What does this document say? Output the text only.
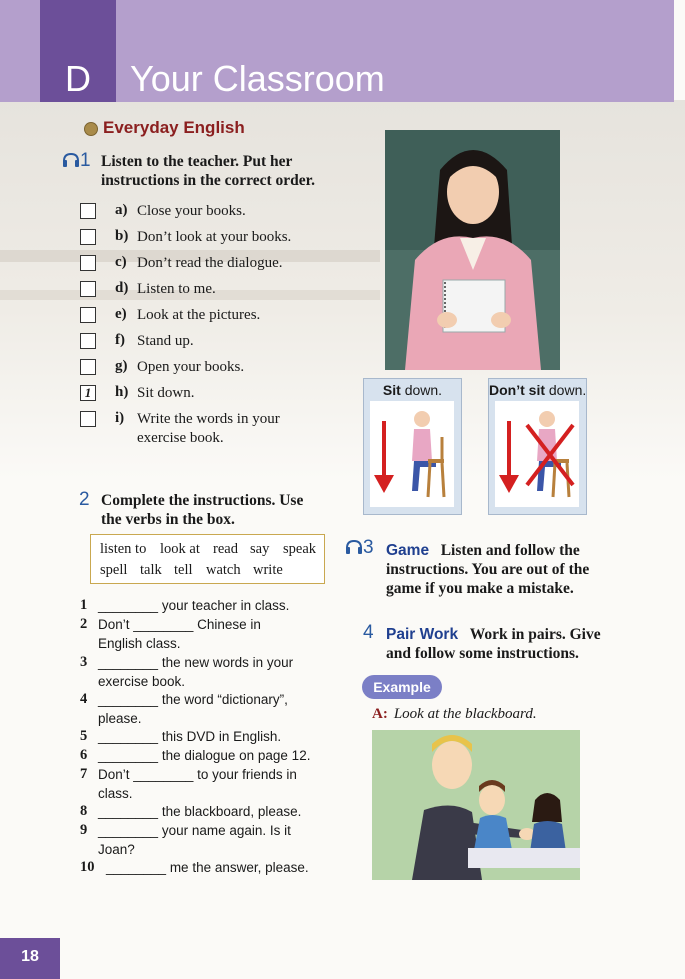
D	Your Classroom
Everyday English
1 Listen to the teacher. Put her
instructions in the correct order.
a) Close your books.
b) Don’t look at your books.
c) Don’t read the dialogue.
d) Listen to me.
e) Look at the pictures.
f) Stand up.
g) Open your books.
1	h) Sit down.
i) Write the words in your
exercise book.
Sit down.	Don’t sit down.
2 Complete the instructions. Use
the verbs in the box.
listen to look at read say speak
spell talk tell watch write
1 ________ your teacher in class.
2 Don’t ________ Chinese in
English class.
3 ________ the new words in your
exercise book.
4 ________ the word “dictionary”,
please.
5 ________ this DVD in English.
6 ________ the dialogue on page 12.
7 Don’t ________ to your friends in
class.
8 ________ the blackboard, please.
9 ________ your name again. Is it
Joan?
10 ________ me the answer, please.
3 Game Listen and follow the
instructions. You are out of the
game if you make a mistake.
4 Pair Work Work in pairs. Give
and follow some instructions.
Example
A: Look at the blackboard.
18
